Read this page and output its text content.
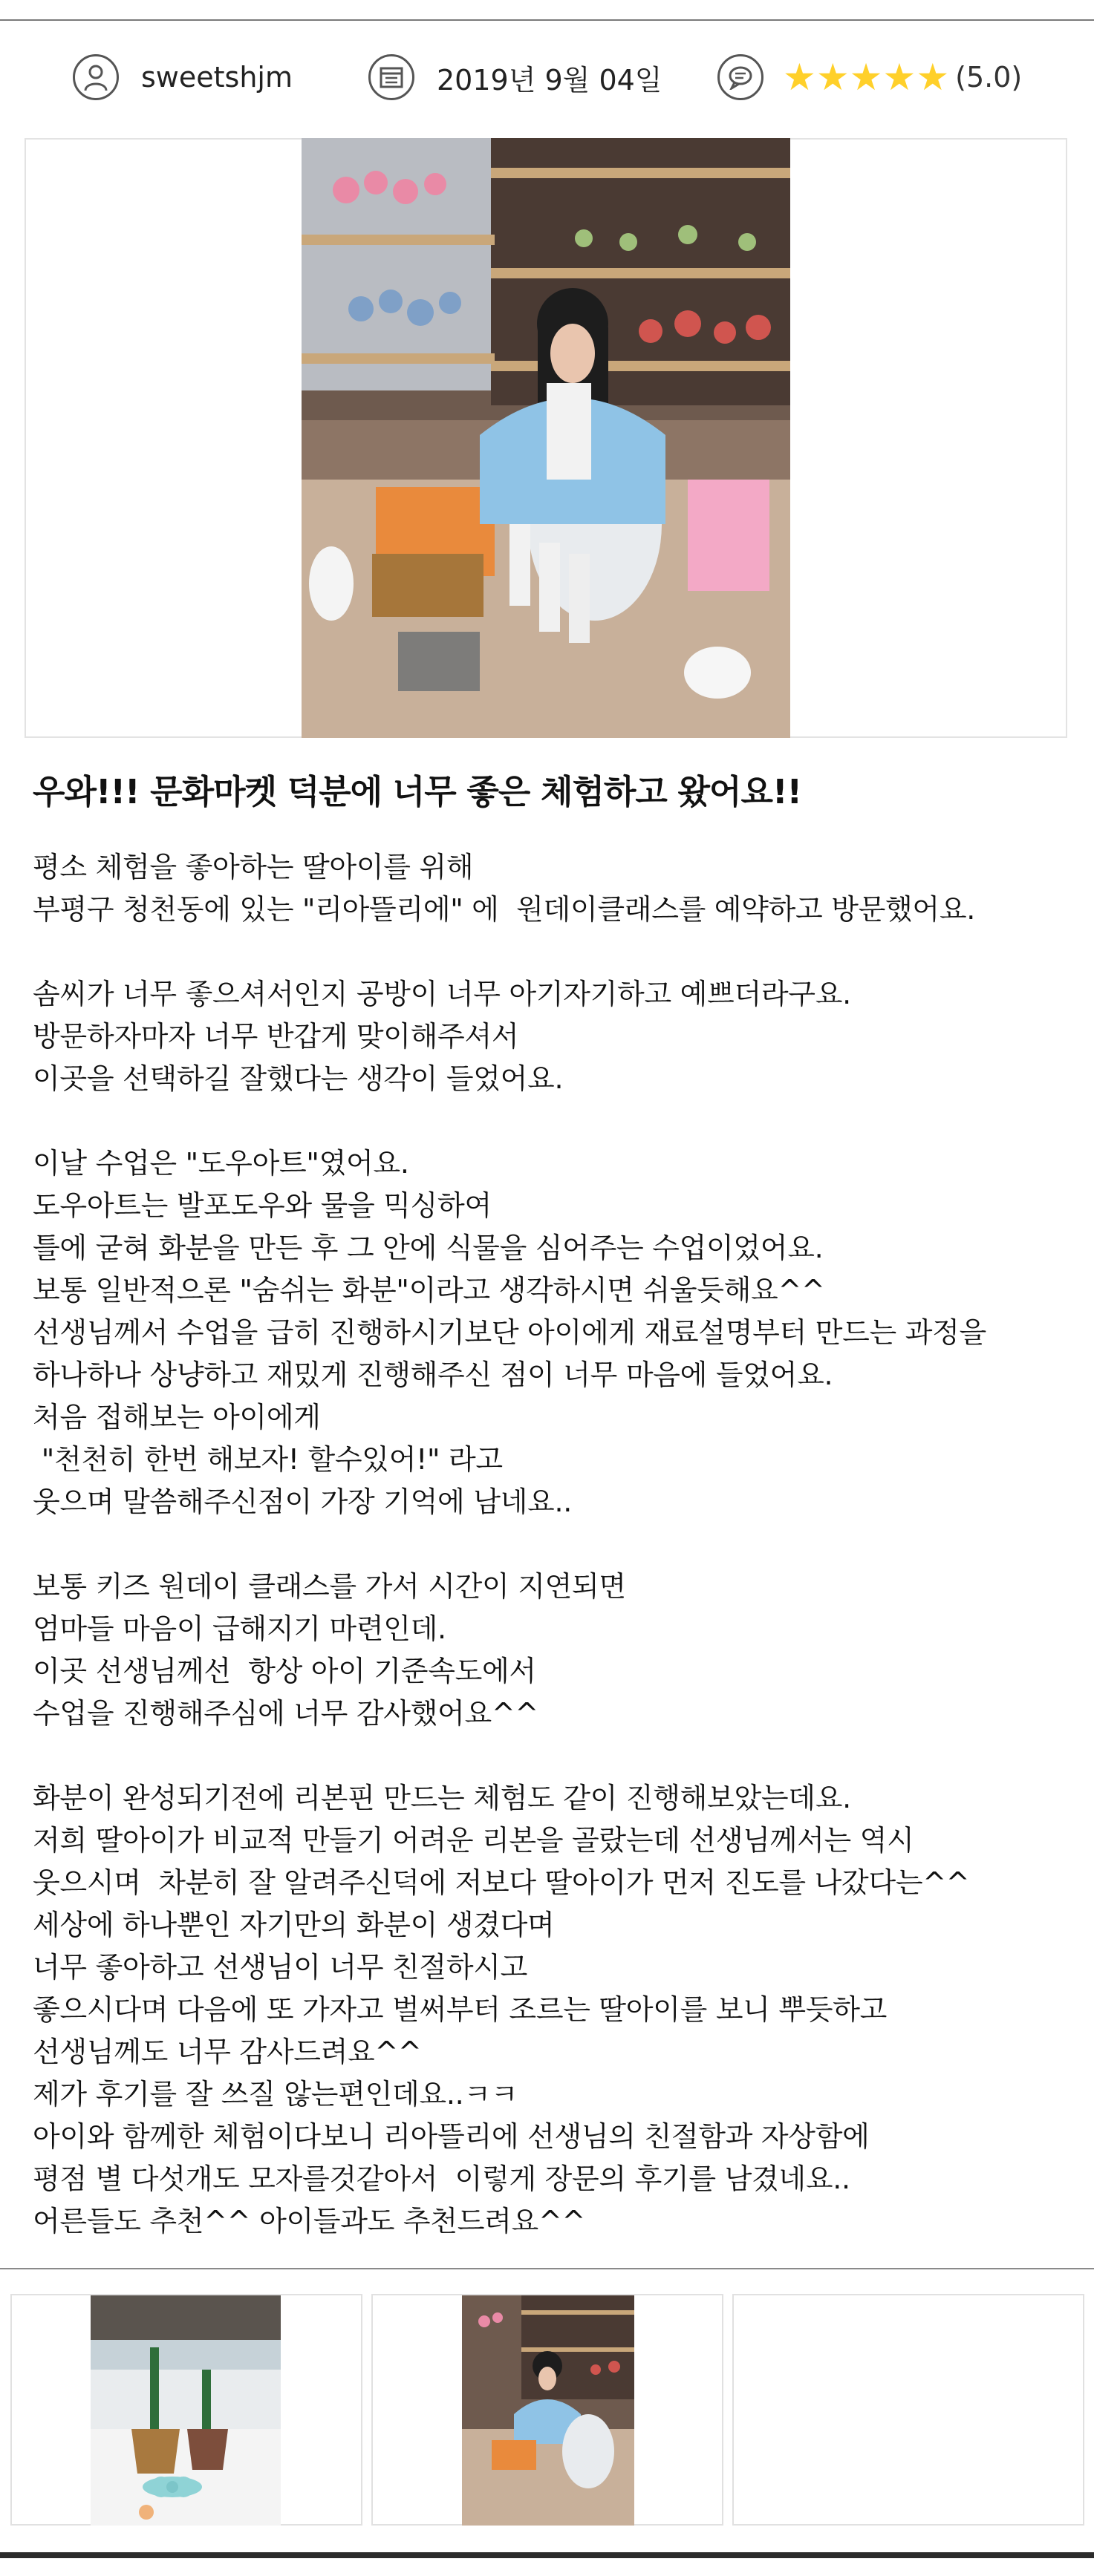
sweetshjm	2019년 9월 04일	★ ★ ★ ★ ★ (5.0)
우와!!! 문화마켓 덕분에 너무 좋은 체험하고 왔어요!!
평소 체험을 좋아하는 딸아이를 위해
부평구 청천동에 있는 "리아뜰리에" 에  원데이클래스를 예약하고 방문했어요.
솜씨가 너무 좋으셔서인지 공방이 너무 아기자기하고 예쁘더라구요.
방문하자마자 너무 반갑게 맞이해주셔서
이곳을 선택하길 잘했다는 생각이 들었어요.
이날 수업은 "도우아트"였어요.
도우아트는 발포도우와 물을 믹싱하여
틀에 굳혀 화분을 만든 후 그 안에 식물을 심어주는 수업이었어요.
보통 일반적으론 "숨쉬는 화분"이라고 생각하시면 쉬울듯해요^^
선생님께서 수업을 급히 진행하시기보단 아이에게 재료설명부터 만드는 과정을
하나하나 상냥하고 재밌게 진행해주신 점이 너무 마음에 들었어요.
처음 접해보는 아이에게
"천천히 한번 해보자! 할수있어!" 라고
웃으며 말씀해주신점이 가장 기억에 남네요..
보통 키즈 원데이 클래스를 가서 시간이 지연되면
엄마들 마음이 급해지기 마련인데.
이곳 선생님께선  항상 아이 기준속도에서
수업을 진행해주심에 너무 감사했어요^^
화분이 완성되기전에 리본핀 만드는 체험도 같이 진행해보았는데요.
저희 딸아이가 비교적 만들기 어려운 리본을 골랐는데 선생님께서는 역시
웃으시며  차분히 잘 알려주신덕에 저보다 딸아이가 먼저 진도를 나갔다는^^
세상에 하나뿐인 자기만의 화분이 생겼다며
너무 좋아하고 선생님이 너무 친절하시고
좋으시다며 다음에 또 가자고 벌써부터 조르는 딸아이를 보니 뿌듯하고
선생님께도 너무 감사드려요^^
제가 후기를 잘 쓰질 않는편인데요..ㅋㅋ
아이와 함께한 체험이다보니 리아뜰리에 선생님의 친절함과 자상함에
평점 별 다섯개도 모자를것같아서  이렇게 장문의 후기를 남겼네요..
어른들도 추천^^ 아이들과도 추천드려요^^
